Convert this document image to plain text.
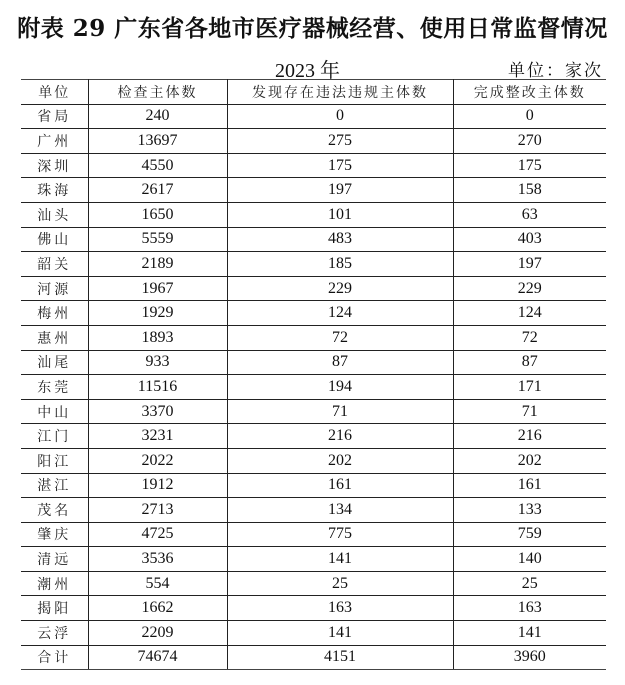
附表 29 广东省各地市医疗器械经营、使用日常监督情况
2023 年	单位：家次
单位	检查主体数	发现存在违法违规主体数	完成整改主体数
省局	240	0	0
广州	13697	275	270
深圳	4550	175	175
珠海	2617	197	158
汕头	1650	101	63
佛山	5559	483	403
韶关	2189	185	197
河源	1967	229	229
梅州	1929	124	124
惠州	1893	72	72
汕尾	933	87	87
东莞	11516	194	171
中山	3370	71	71
江门	3231	216	216
阳江	2022	202	202
湛江	1912	161	161
茂名	2713	134	133
肇庆	4725	775	759
清远	3536	141	140
潮州	554	25	25
揭阳	1662	163	163
云浮	2209	141	141
合计	74674	4151	3960
